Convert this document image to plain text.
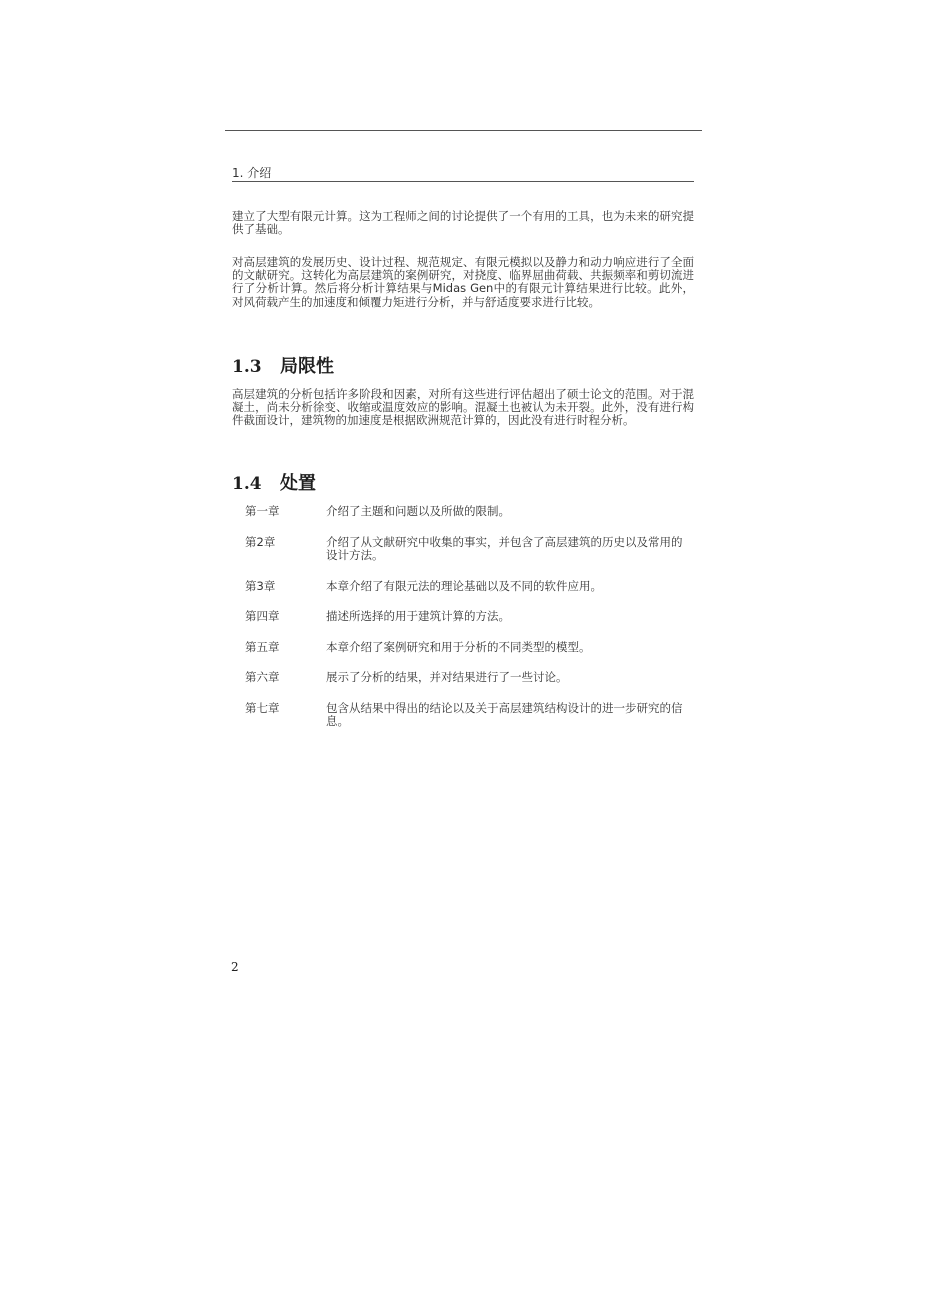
1. 介绍

建立了大型有限元计算。这为工程师之间的讨论提供了一个有用的工具，也为未来的研究提供了基础。

对高层建筑的发展历史、设计过程、规范规定、有限元模拟以及静力和动力响应进行了全面的文献研究。这转化为高层建筑的案例研究，对挠度、临界屈曲荷载、共振频率和剪切流进行了分析计算。然后将分析计算结果与Midas Gen中的有限元计算结果进行比较。此外，对风荷载产生的加速度和倾覆力矩进行分析，并与舒适度要求进行比较。

1.3	局限性

高层建筑的分析包括许多阶段和因素，对所有这些进行评估超出了硕士论文的范围。对于混凝土，尚未分析徐变、收缩或温度效应的影响。混凝土也被认为未开裂。此外，没有进行构件截面设计，建筑物的加速度是根据欧洲规范计算的，因此没有进行时程分析。

1.4	处置
第一章	介绍了主题和问题以及所做的限制。
第2章	介绍了从文献研究中收集的事实，并包含了高层建筑的历史以及常用的设计方法。
第3章	本章介绍了有限元法的理论基础以及不同的软件应用。
第四章	描述所选择的用于建筑计算的方法。
第五章	本章介绍了案例研究和用于分析的不同类型的模型。
第六章	展示了分析的结果，并对结果进行了一些讨论。
第七章	包含从结果中得出的结论以及关于高层建筑结构设计的进一步研究的信息。
2
